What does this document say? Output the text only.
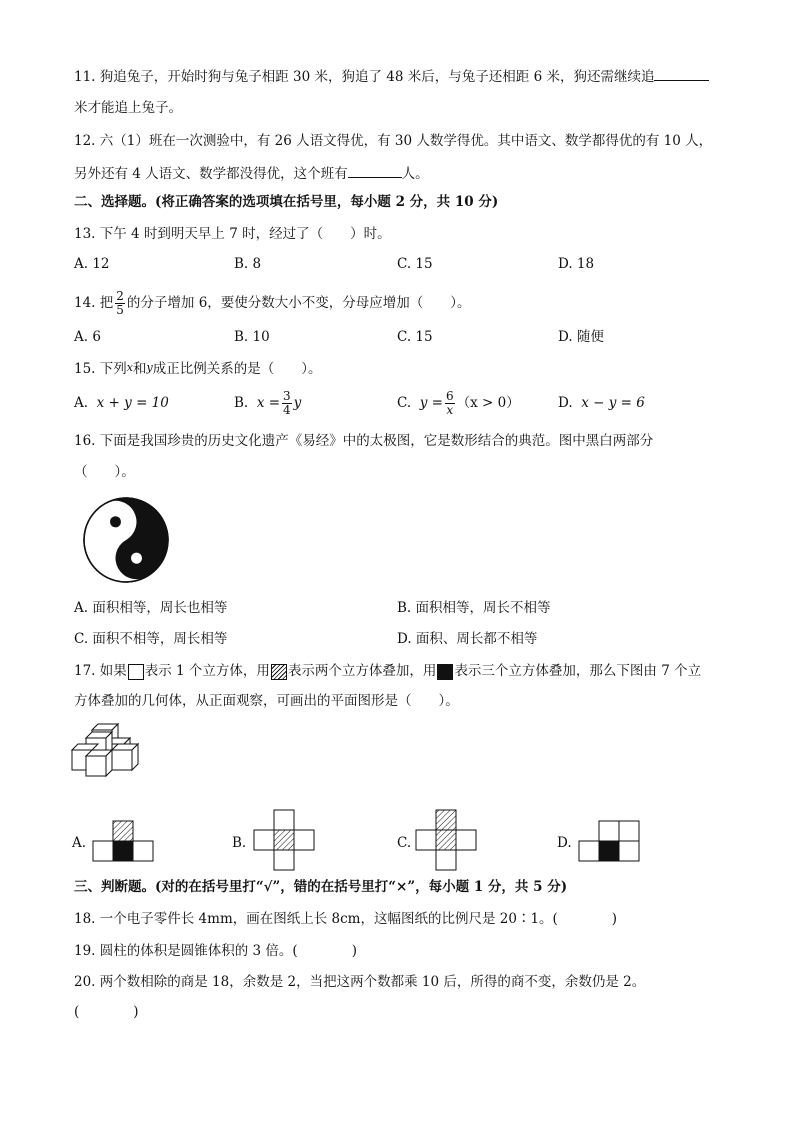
11. 狗追兔子，开始时狗与兔子相距 30 米，狗追了 48 米后，与兔子还相距 6 米，狗还需继续追
米才能追上兔子。
12. 六（1）班在一次测验中，有 26 人语文得优，有 30 人数学得优。其中语文、数学都得优的有 10 人，
另外还有 4 人语文、数学都没得优，这个班有	人。
二、选择题。(将正确答案的选项填在括号里，每小题 2 分，共 10 分)
13. 下午 4 时到明天早上 7 时，经过了（　　）时。
A. 12	B. 8	C. 15	D. 18
14. 把 $\frac{2}{5}$ 的分子增加 6，要使分数大小不变，分母应增加（　　）。
A. 6	B. 10	C. 15	D. 随便
15. 下列x和y成正比例关系的是（　　）。
A. x + y = 10	B. $x = \frac{3}{4}$ y	C. $y = \frac{6}{x} (x > 0)$	D. x − y = 6
16. 下面是我国珍贵的历史文化遗产《易经》中的太极图，它是数形结合的典范。图中黑白两部分
（　　）。
A. 面积相等，周长也相等	B. 面积相等，周长不相等
C. 面积不相等，周长相等	D. 面积、周长都不相等
17. 如果 表示 1 个立方体，用 表示两个立方体叠加，用 表示三个立方体叠加，那么下图由 7 个立
方体叠加的几何体，从正面观察，可画出的平面图形是（　　）。
A.	B.	C.	D.
三、判断题。(对的在括号里打“√”，错的在括号里打“×”，每小题 1 分，共 5 分)
18. 一个电子零件长 4mm，画在图纸上长 8cm，这幅图纸的比例尺是 20∶1。(　　　　)
19. 圆柱的体积是圆锥体积的 3 倍。(　　　　)
20. 两个数相除的商是 18，余数是 2，当把这两个数都乘 10 后，所得的商不变，余数仍是 2。
(　　　　)
